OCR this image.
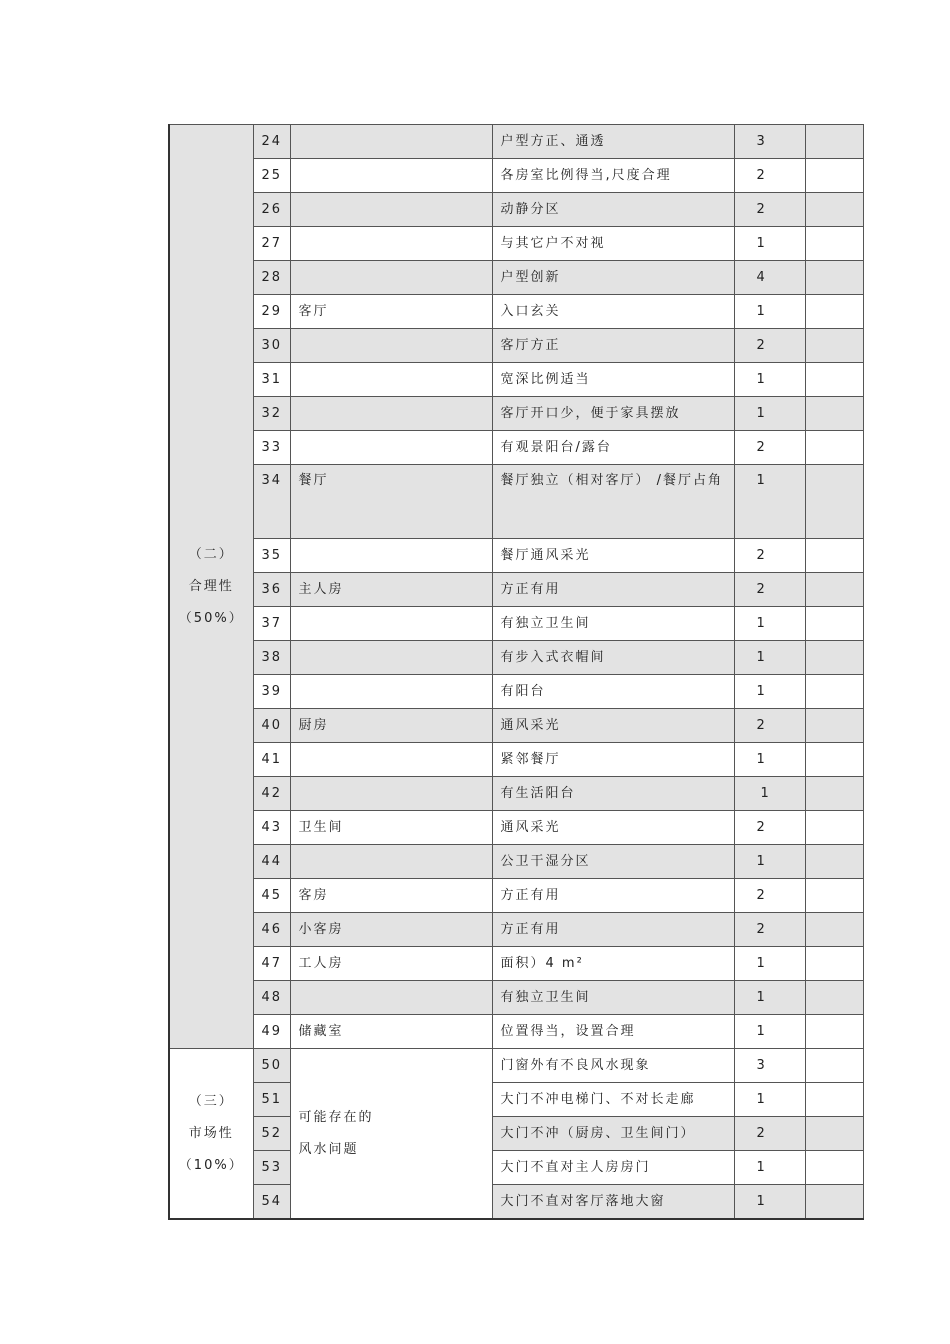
（二）
合理性
（50%）	24		户型方正、通透	3	
	25		各房室比例得当,尺度合理	2	
	26		动静分区	2	
	27		与其它户不对视	1	
	28		户型创新	4	
	29	客厅	入口玄关	1	
	30		客厅方正	2	
	31		宽深比例适当	1	
	32		客厅开口少，便于家具摆放	1	
	33		有观景阳台/露台	2	
	34	餐厅	餐厅独立（相对客厅） /餐厅占角	1	
	35		餐厅通风采光	2	
	36	主人房	方正有用	2	
	37		有独立卫生间	1	
	38		有步入式衣帽间	1	
	39		有阳台	1	
	40	厨房	通风采光	2	
	41		紧邻餐厅	1	
	42		有生活阳台	1	
	43	卫生间	通风采光	2	
	44		公卫干湿分区	1	
	45	客房	方正有用	2	
	46	小客房	方正有用	2	
	47	工人房	面积）4 m²	1	
	48		有独立卫生间	1	
	49	储藏室	位置得当，设置合理	1	

（三）
市场性
（10%）	50	可能存在的
风水问题	门窗外有不良风水现象	3	
	51		大门不冲电梯门、不对长走廊	1	
	52		大门不冲（厨房、卫生间门）	2	
	53		大门不直对主人房房门	1	
	54		大门不直对客厅落地大窗	1	
